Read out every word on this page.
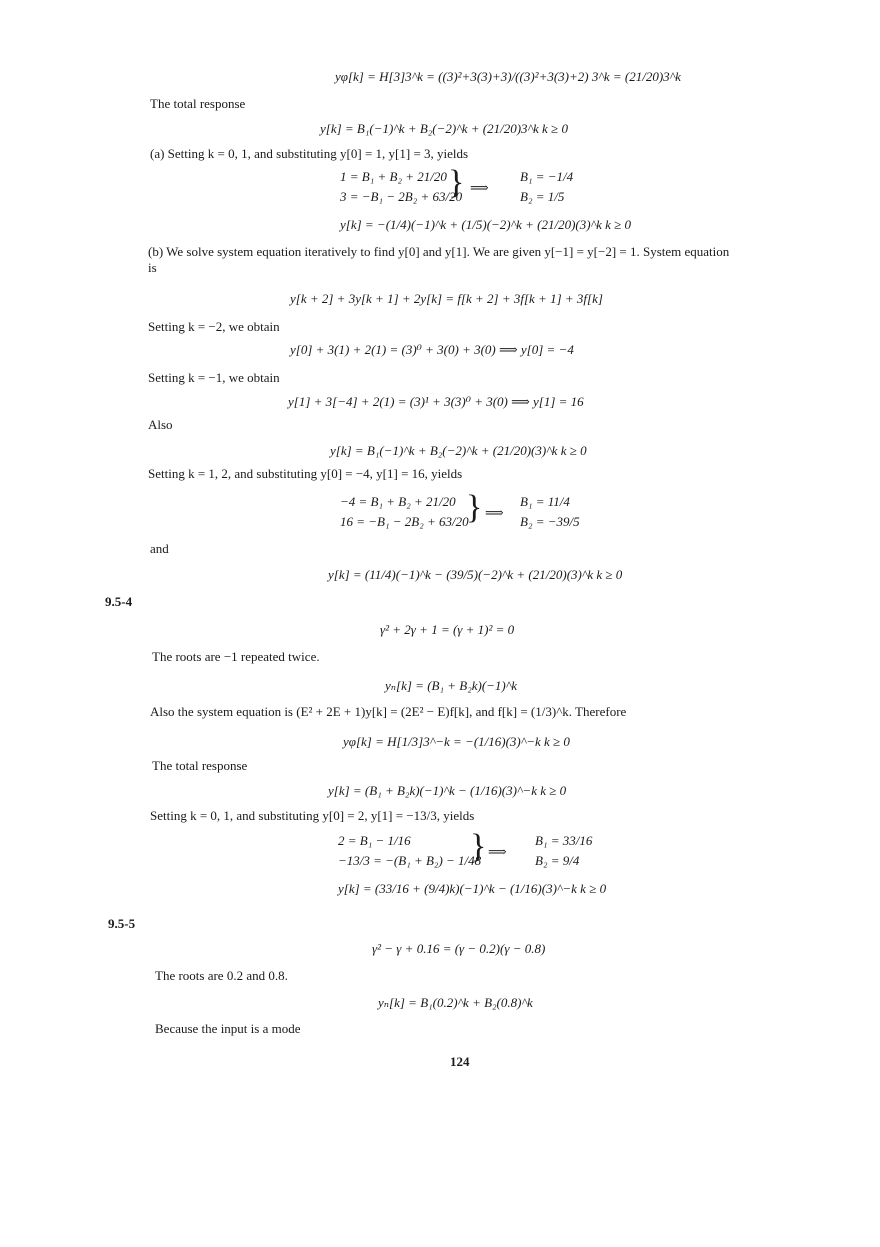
yφ[k] = H[3]3^k = ((3)²+3(3)+3)/((3)²+3(3)+2) 3^k = (21/20)3^k
The total response
y[k] = B₁(−1)^k + B₂(−2)^k + (21/20)3^k k ≥ 0
(a) Setting k = 0, 1, and substituting y[0] = 1, y[1] = 3, yields
1 = B₁ + B₂ + 21/20
3 = −B₁ − 2B₂ + 63/20
} ⟹
B₁ = −1/4
B₂ = 1/5
y[k] = −(1/4)(−1)^k + (1/5)(−2)^k + (21/20)(3)^k k ≥ 0
(b) We solve system equation iteratively to find y[0] and y[1]. We are given y[−1] = y[−2] = 1. System equation
is
y[k + 2] + 3y[k + 1] + 2y[k] = f[k + 2] + 3f[k + 1] + 3f[k]
Setting k = −2, we obtain
y[0] + 3(1) + 2(1) = (3)⁰ + 3(0) + 3(0) ⟹ y[0] = −4
Setting k = −1, we obtain
y[1] + 3[−4] + 2(1) = (3)¹ + 3(3)⁰ + 3(0) ⟹ y[1] = 16
Also
y[k] = B₁(−1)^k + B₂(−2)^k + (21/20)(3)^k k ≥ 0
Setting k = 1, 2, and substituting y[0] = −4, y[1] = 16, yields
−4 = B₁ + B₂ + 21/20
16 = −B₁ − 2B₂ + 63/20
} ⟹
B₁ = 11/4
B₂ = −39/5
and
y[k] = (11/4)(−1)^k − (39/5)(−2)^k + (21/20)(3)^k k ≥ 0
9.5-4
γ² + 2γ + 1 = (γ + 1)² = 0
The roots are −1 repeated twice.
yₙ[k] = (B₁ + B₂k)(−1)^k
Also the system equation is (E² + 2E + 1)y[k] = (2E² − E)f[k], and f[k] = (1/3)^k. Therefore
yφ[k] = H[1/3]3^−k = −(1/16)(3)^−k k ≥ 0
The total response
y[k] = (B₁ + B₂k)(−1)^k − (1/16)(3)^−k k ≥ 0
Setting k = 0, 1, and substituting y[0] = 2, y[1] = −13/3, yields
2 = B₁ − 1/16
−13/3 = −(B₁ + B₂) − 1/48
} ⟹
B₁ = 33/16
B₂ = 9/4
y[k] = (33/16 + (9/4)k)(−1)^k − (1/16)(3)^−k k ≥ 0
9.5-5
γ² − γ + 0.16 = (γ − 0.2)(γ − 0.8)
The roots are 0.2 and 0.8.
yₙ[k] = B₁(0.2)^k + B₂(0.8)^k
Because the input is a mode
124
